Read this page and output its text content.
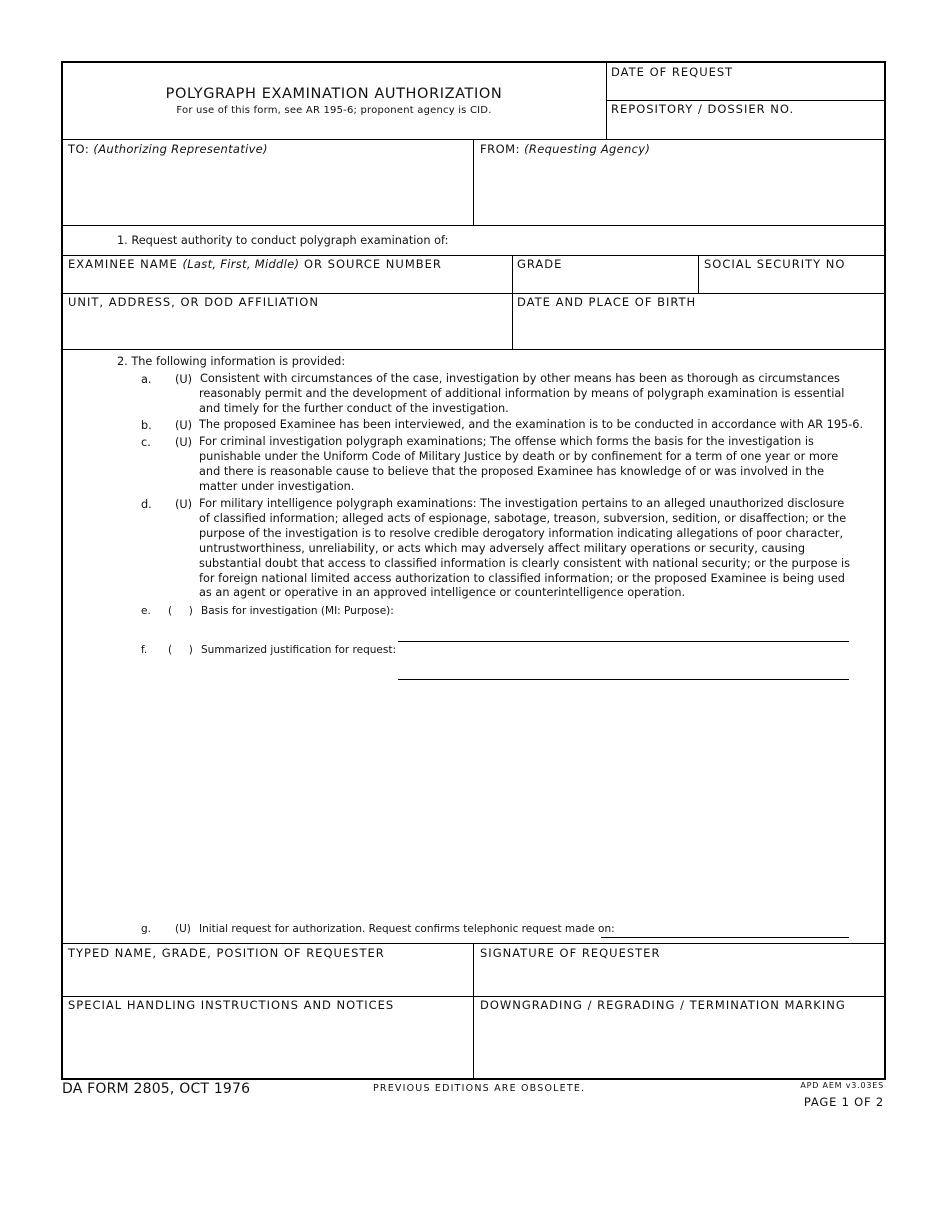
POLYGRAPH EXAMINATION AUTHORIZATION
For use of this form, see AR 195-6; proponent agency is CID.
DATE OF REQUEST
REPOSITORY / DOSSIER NO.
TO: (Authorizing Representative)	FROM: (Requesting Agency)
1. Request authority to conduct polygraph examination of:
EXAMINEE NAME (Last, First, Middle) OR SOURCE NUMBER	GRADE	SOCIAL SECURITY NO
UNIT, ADDRESS, OR DOD AFFILIATION	DATE AND PLACE OF BIRTH
2. The following information is provided:
a. (U) Consistent with circumstances of the case, investigation by other means has been as thorough as circumstances reasonably permit and the development of additional information by means of polygraph examination is essential and timely for the further conduct of the investigation.
b. (U) The proposed Examinee has been interviewed, and the examination is to be conducted in accordance with AR 195-6.
c. (U) For criminal investigation polygraph examinations; The offense which forms the basis for the investigation is punishable under the Uniform Code of Military Justice by death or by confinement for a term of one year or more and there is reasonable cause to believe that the proposed Examinee has knowledge of or was involved in the matter under investigation.
d. (U) For military intelligence polygraph examinations: The investigation pertains to an alleged unauthorized disclosure of classified information; alleged acts of espionage, sabotage, treason, subversion, sedition, or disaffection; or the purpose of the investigation is to resolve credible derogatory information indicating allegations of poor character, untrustworthiness, unreliability, or acts which may adversely affect military operations or security, causing substantial doubt that access to classified information is clearly consistent with national security; or the purpose is for foreign national limited access authorization to classified information; or the proposed Examinee is being used as an agent or operative in an approved intelligence or counterintelligence operation.
e. (     ) Basis for investigation (MI: Purpose):
f. (     ) Summarized justification for request:
g. (U) Initial request for authorization. Request confirms telephonic request made on:
TYPED NAME, GRADE, POSITION OF REQUESTER	SIGNATURE OF REQUESTER
SPECIAL HANDLING INSTRUCTIONS AND NOTICES	DOWNGRADING / REGRADING / TERMINATION MARKING
DA FORM 2805, OCT 1976	PREVIOUS EDITIONS ARE OBSOLETE.	APD AEM v3.03ES
PAGE 1 OF 2
